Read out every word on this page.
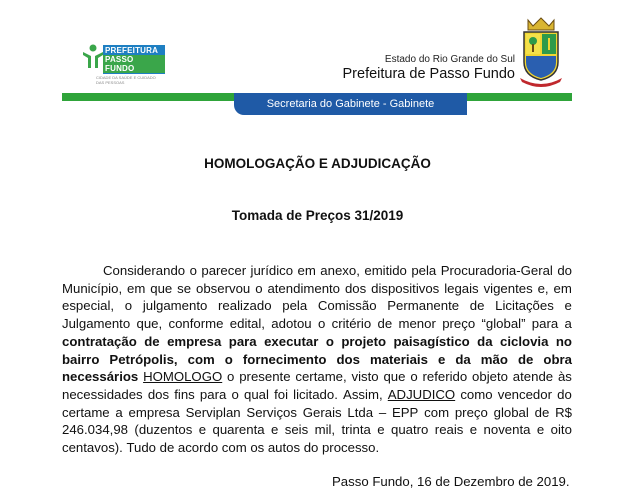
PREFEITURA
PASSO FUNDO
CIDADE DA SAÚDE E CUIDADO DAS PESSOAS
Estado do Rio Grande do Sul
Prefeitura de Passo Fundo
Secretaria do Gabinete - Gabinete
HOMOLOGAÇÃO E ADJUDICAÇÃO
Tomada de Preços 31/2019
Considerando o parecer jurídico em anexo, emitido pela Procuradoria-Geral do
Município, em que se observou o atendimento dos dispositivos legais vigentes e, em
especial, o julgamento realizado pela Comissão Permanente de Licitações e
Julgamento que, conforme edital, adotou o critério de menor preço “global” para a
contratação de empresa para executar o projeto paisagístico da ciclovia no
bairro Petrópolis, com o fornecimento dos materiais e da mão de obra
necessários HOMOLOGO o presente certame, visto que o referido objeto atende às
necessidades dos fins para o qual foi licitado. Assim, ADJUDICO como vencedor do
certame a empresa Serviplan Serviços Gerais Ltda – EPP com preço global de R$
246.034,98 (duzentos e quarenta e seis mil, trinta e quatro reais e noventa e oito
centavos). Tudo de acordo com os autos do processo.
Passo Fundo, 16 de Dezembro de 2019.
